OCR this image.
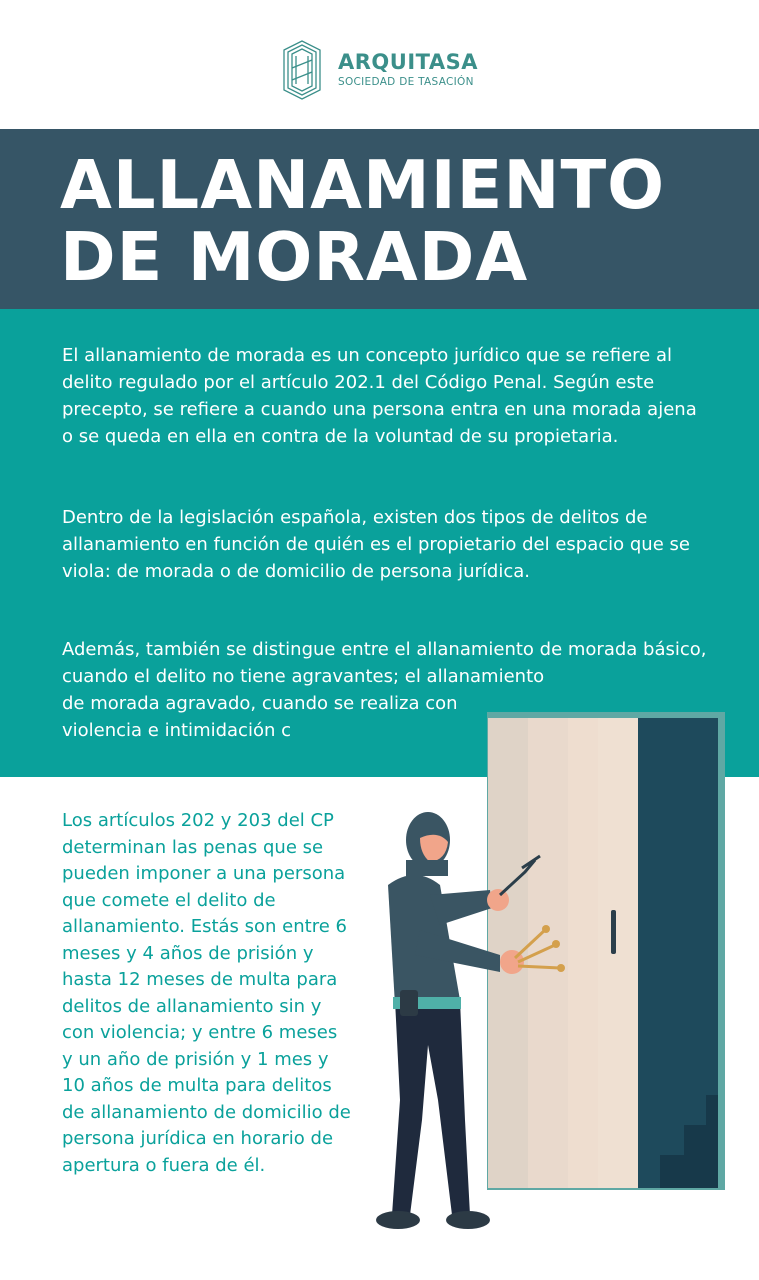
ARQUITASA
SOCIEDAD DE TASACIÓN
ALLANAMIENTO
DE MORADA

El allanamiento de morada es un concepto jurídico que se refiere al delito regulado por el artículo 202.1 del Código Penal. Según este precepto, se refiere a cuando una persona entra en una morada ajena o se queda en ella en contra de la voluntad de su propietaria.

Dentro de la legislación española, existen dos tipos de delitos de allanamiento en función de quién es el propietario del espacio que se viola: de morada o de domicilio de persona jurídica.

Además, también se distingue entre el allanamiento de morada básico, cuando el delito no tiene agravantes; el allanamiento
de morada agravado, cuando se realiza con violencia e intimidación c

Los artículos 202 y 203 del CP determinan las penas que se pueden imponer a una persona que comete el delito de allanamiento. Estás son entre 6 meses y 4 años de prisión y hasta 12 meses de multa para delitos de allanamiento sin y con violencia; y entre 6 meses y un año de prisión y 1 mes y 10 años de multa para delitos de allanamiento de domicilio de persona jurídica en horario de apertura o fuera de él.
